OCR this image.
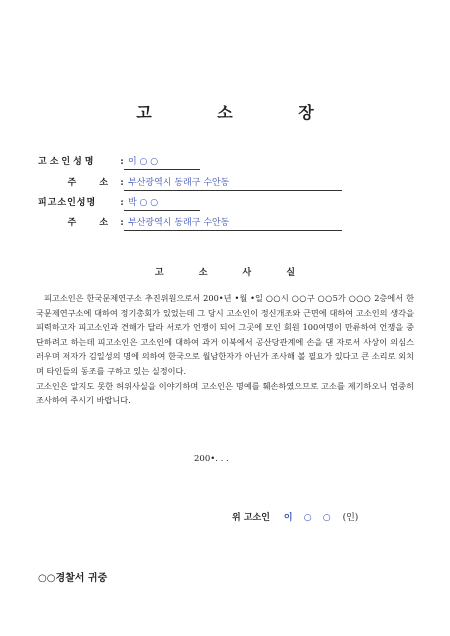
고 소 장
고소인성명	: 이 ○ ○
주 소 : 부산광역시 동래구 수안동
피고소인성명	: 박 ○ ○
주 소 : 부산광역시 동래구 수안동
고 소 사 실

피고소인은 한국문제연구소 추진위원으로서 200•년 •월 •일 ○○시 ○○구 ○○5가 ○○○ 2층에서 한국문제연구소에 대하여 정기총회가 있었는데 그 당시 고소인이 정신개조와 근면에 대하여 고소인의 생각을 피력하고자 피고소인과 견해가 달라 서로가 언쟁이 되어 그곳에 모인 회원 100여명이 만류하여 언쟁을 중단하려고 하는데 피고소인은 고소인에 대하여 과거 이북에서 공산당관계에 손을 댄 자로서 사상이 의심스러우며 저자가 김일성의 명에 의하여 한국으로 월남한자가 아닌가 조사해 볼 필요가 있다고 큰 소리로 외치며 타인들의 동조를 구하고 있는 실정이다.

고소인은 알지도 못한 허위사실을 이야기하며 고소인은 명예를 훼손하였으므로 고소를 제기하오니 엄중히 조사하여 주시기 바랍니다.

200•. . .
위 고소인 이 ○ ○ (인)
○○경찰서 귀중
